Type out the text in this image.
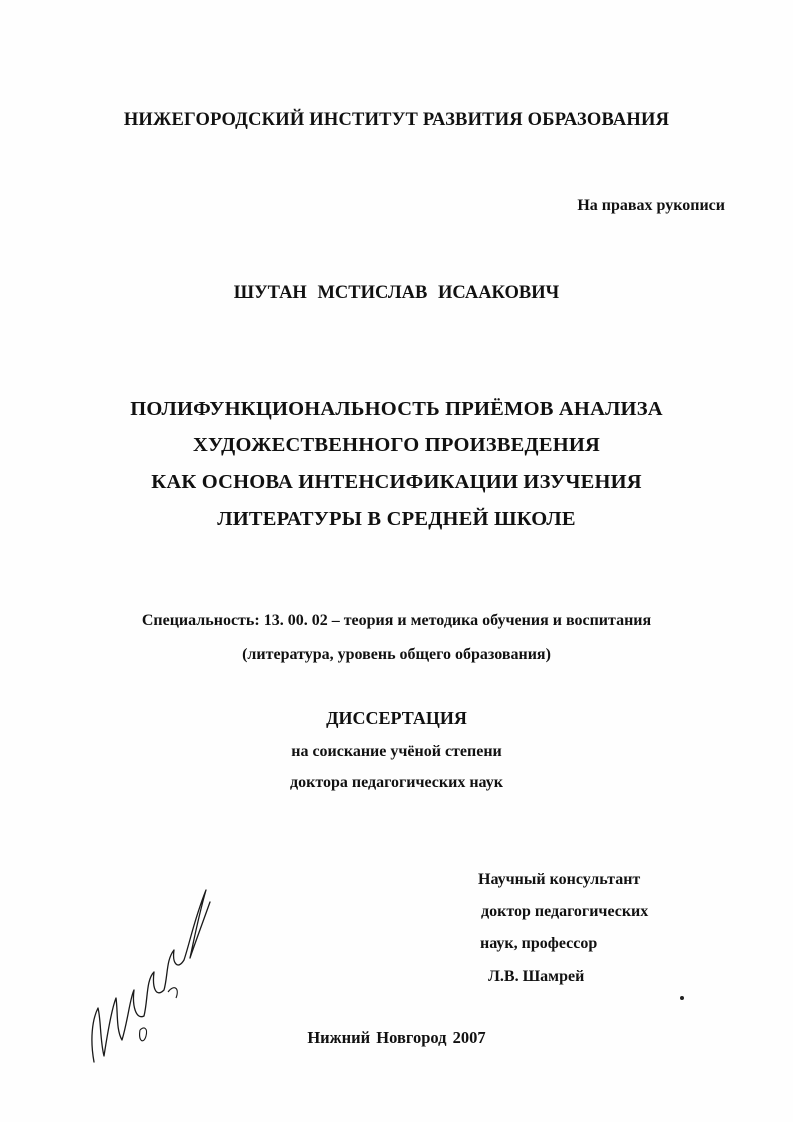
НИЖЕГОРОДСКИЙ ИНСТИТУТ РАЗВИТИЯ ОБРАЗОВАНИЯ
На правах рукописи
ШУТАН МСТИСЛАВ ИСААКОВИЧ
ПОЛИФУНКЦИОНАЛЬНОСТЬ ПРИЁМОВ АНАЛИЗА
ХУДОЖЕСТВЕННОГО ПРОИЗВЕДЕНИЯ
КАК ОСНОВА ИНТЕНСИФИКАЦИИ ИЗУЧЕНИЯ
ЛИТЕРАТУРЫ В СРЕДНЕЙ ШКОЛЕ
Специальность: 13. 00. 02 – теория и методика обучения и воспитания
(литература, уровень общего образования)
ДИССЕРТАЦИЯ
на соискание учёной степени
доктора педагогических наук
Научный консультант
доктор педагогических
наук, профессор
Л.В. Шамрей
Нижний Новгород 2007
